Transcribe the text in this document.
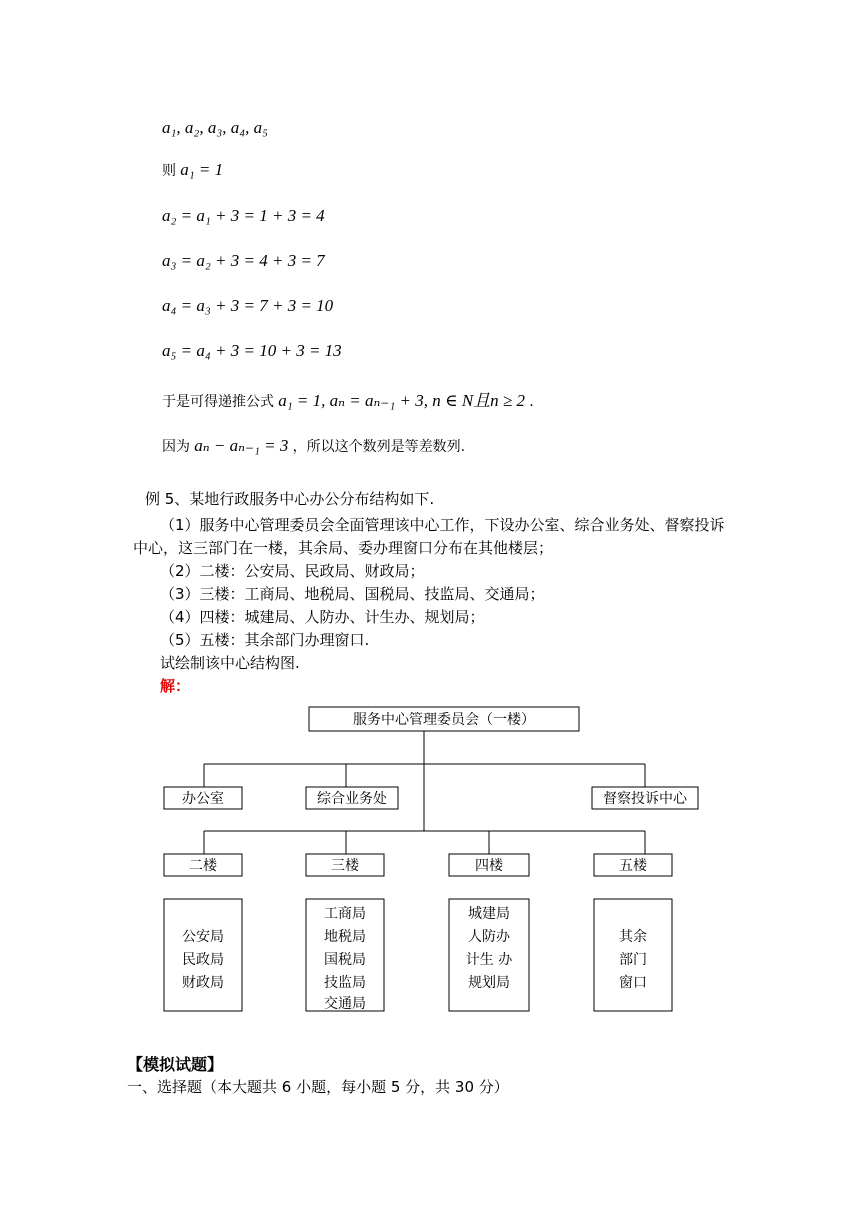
a₁, a₂, a₃, a₄, a₅
则 a₁ = 1
a₂ = a₁ + 3 = 1 + 3 = 4
a₃ = a₂ + 3 = 4 + 3 = 7
a₄ = a₃ + 3 = 7 + 3 = 10
a₅ = a₄ + 3 = 10 + 3 = 13
于是可得递推公式 a₁ = 1, aₙ = aₙ₋₁ + 3, n ∈ N且n ≥ 2 .
因为 aₙ − aₙ₋₁ = 3 ，所以这个数列是等差数列.
例 5、某地行政服务中心办公分布结构如下.
（1）服务中心管理委员会全面管理该中心工作，下设办公室、综合业务处、督察投诉
中心，这三部门在一楼，其余局、委办理窗口分布在其他楼层；
（2）二楼：公安局、民政局、财政局；
（3）三楼：工商局、地税局、国税局、技监局、交通局；
（4）四楼：城建局、人防办、计生办、规划局；
（5）五楼：其余部门办理窗口.
试绘制该中心结构图.
解：
服务中心管理委员会（一楼）
办公室	综合业务处	督察投诉中心
二楼	三楼	四楼	五楼
公安局
民政局
财政局
工商局
地税局
国税局
技监局
交通局
城建局
人防办
计生 办
规划局
其余
部门
窗口
【模拟试题】
一、选择题（本大题共 6 小题，每小题 5 分，共 30 分）
